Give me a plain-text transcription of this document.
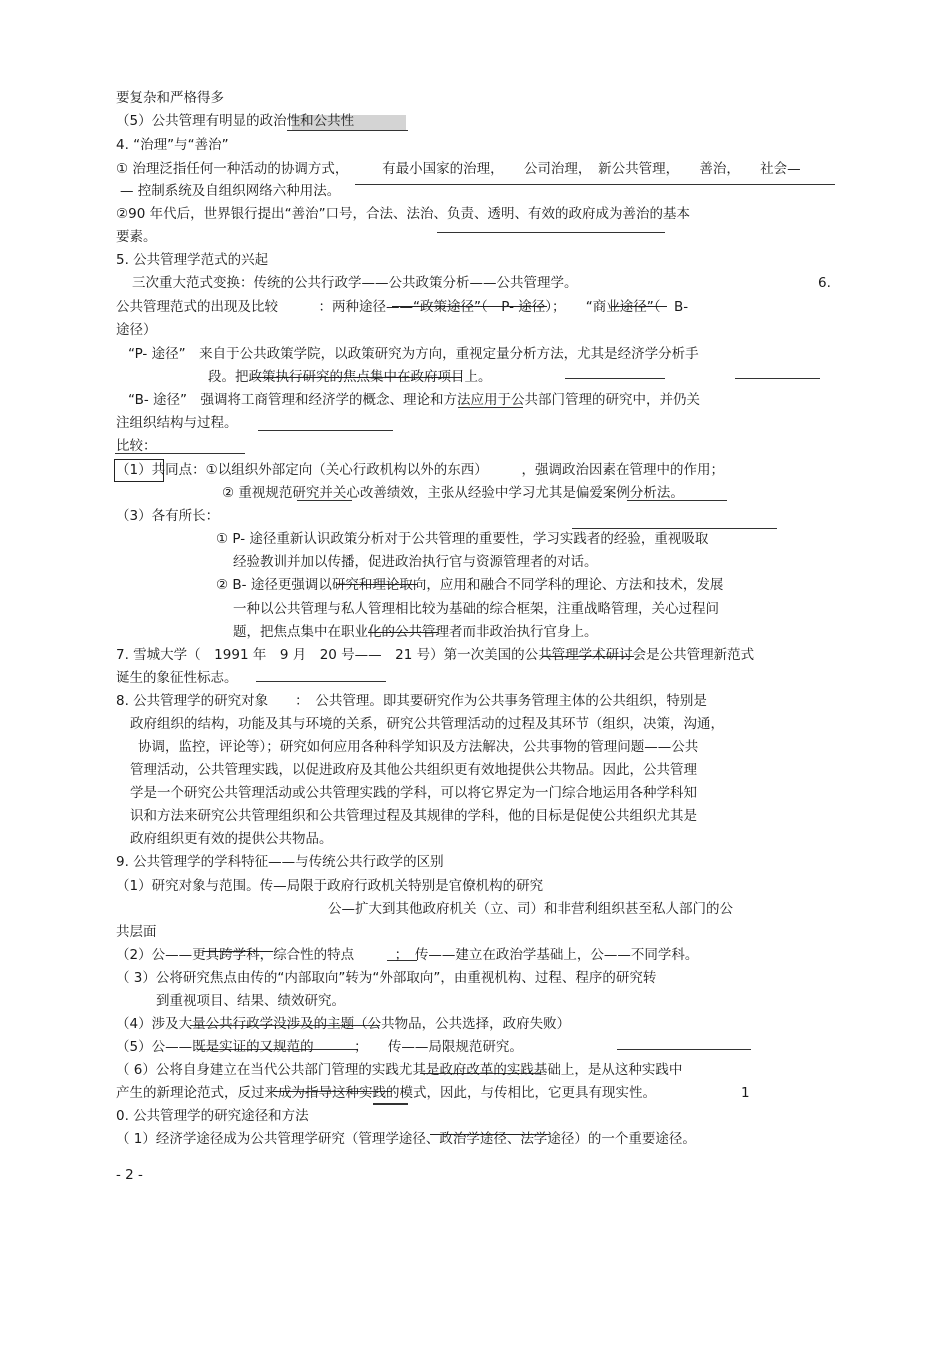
要复杂和严格得多
（5）公共管理有明显的政治性和公共性
4. “治理”与“善治”
① 治理泛指任何一种活动的协调方式，　　　有最小国家的治理，　　公司治理，　新公共管理，　　善治，　　社会—
— 控制系统及自组织网络六种用法。
②90 年代后，世界银行提出“善治”口号，合法、法治、负责、透明、有效的政府成为善治的基本
要素。
5. 公共管理学范式的兴起
三次重大范式变换：传统的公共行政学——公共政策分析——公共管理学。	6.
公共管理范式的出现及比较　　　：两种途径——“政策途径”（　P- 途径）；　　“商业途径”（　B-
途径）
“P- 途径”　来自于公共政策学院，以政策研究为方向，重视定量分析方法，尤其是经济学分析手
段。把政策执行研究的焦点集中在政府项目上。
“B- 途径”　强调将工商管理和经济学的概念、理论和方法应用于公共部门管理的研究中，并仍关
注组织结构与过程。
比较：
（1）共同点：①以组织外部定向（关心行政机构以外的东西）　　　，强调政治因素在管理中的作用；
② 重视规范研究并关心改善绩效，主张从经验中学习尤其是偏爱案例分析法。
（3）各有所长：
① P- 途径重新认识政策分析对于公共管理的重要性，学习实践者的经验，重视吸取
经验教训并加以传播，促进政治执行官与资源管理者的对话。
② B- 途径更强调以研究和理论取向，应用和融合不同学科的理论、方法和技术，发展
一种以公共管理与私人管理相比较为基础的综合框架，注重战略管理，关心过程问
题，把焦点集中在职业化的公共管理者而非政治执行官身上。
7. 雪城大学（　1991 年　9 月　20 号——　21 号）第一次美国的公共管理学术研讨会是公共管理新范式
诞生的象征性标志。
8. 公共管理学的研究对象　　：　公共管理。即其要研究作为公共事务管理主体的公共组织，特别是
政府组织的结构，功能及其与环境的关系，研究公共管理活动的过程及其环节（组织，决策，沟通，
协调，监控，评论等）；研究如何应用各种科学知识及方法解决，公共事物的管理问题——公共
管理活动，公共管理实践，以促进政府及其他公共组织更有效地提供公共物品。因此，公共管理
学是一个研究公共管理活动或公共管理实践的学科，可以将它界定为一门综合地运用各种学科知
识和方法来研究公共管理组织和公共管理过程及其规律的学科，他的目标是促使公共组织尤其是
政府组织更有效的提供公共物品。
9. 公共管理学的学科特征——与传统公共行政学的区别
（1）研究对象与范围。传—局限于政府行政机关特别是官僚机构的研究
公—扩大到其他政府机关（立、司）和非营利组织甚至私人部门的公
共层面
（2）公——更具跨学科，综合性的特点　　　；　传——建立在政治学基础上，公——不同学科。
（ 3）公将研究焦点由传的“内部取向”转为“外部取向”，由重视机构、过程、程序的研究转
到重视项目、结果、绩效研究。
（4）涉及大量公共行政学没涉及的主题（公共物品，公共选择，政府失败）
（5）公——既是实证的又规范的　　　；　　传——局限规范研究。
（ 6）公将自身建立在当代公共部门管理的实践尤其是政府改革的实践基础上，是从这种实践中
产生的新理论范式，反过来成为指导这种实践的模式，因此，与传相比，它更具有现实性。	1
0. 公共管理学的研究途径和方法
（ 1）经济学途径成为公共管理学研究（管理学途径、政治学途径、法学途径）的一个重要途径。
- 2 -
